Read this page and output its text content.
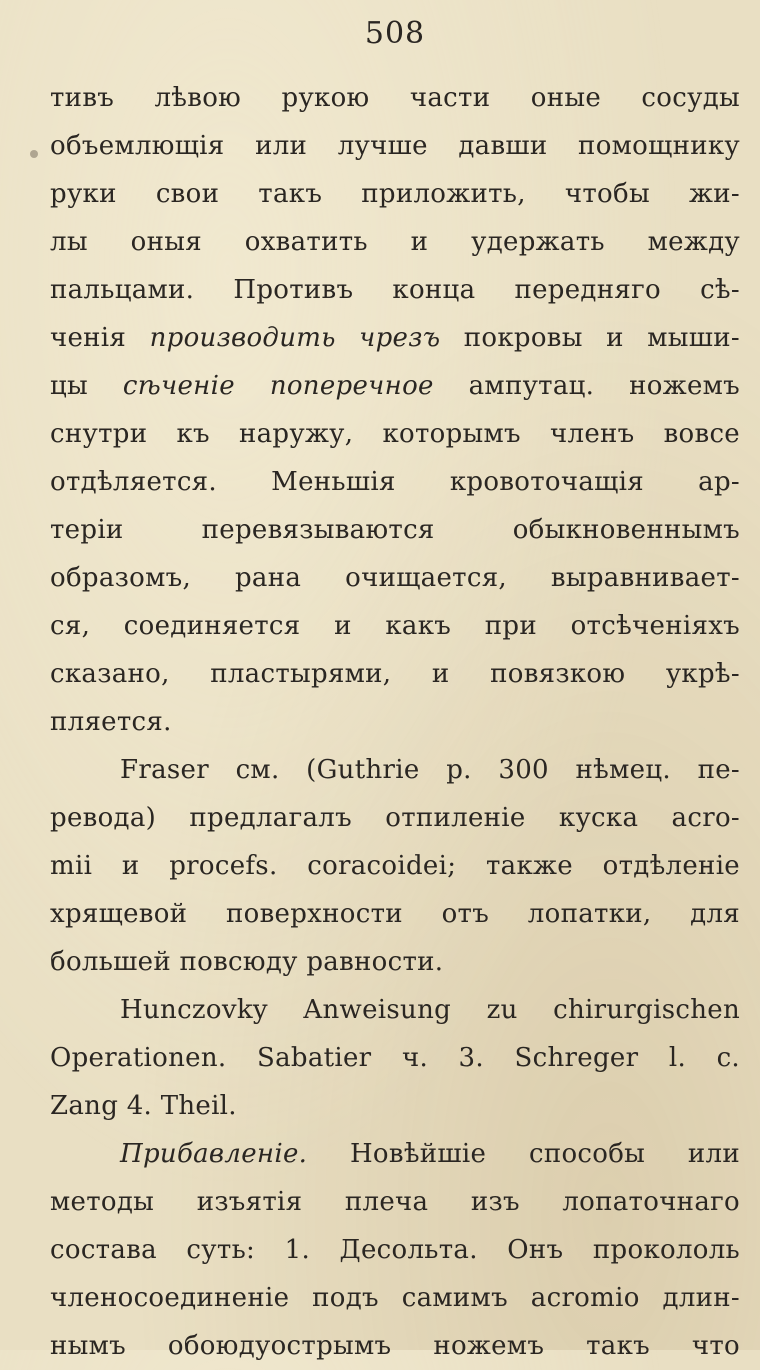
508
тивъ лѣвою рукою части оные сосуды
объемлющія или лучше давши помощнику
руки свои такъ приложить, чтобы жи-
лы оныя охватить и удержать между
пальцами. Противъ конца передняго сѣ-
ченія производить чрезъ покровы и мыши-
цы сѣченіе поперечное ампутац. ножемъ
снутри къ наружу, которымъ членъ вовсе
отдѣляется. Меньшія кровоточащія ар-
теріи перевязываются обыкновеннымъ
образомъ, рана очищается, выравнивает-
ся, соединяется и какъ при отсѣченіяхъ
сказано, пластырями, и повязкою укрѣ-
пляется.
Fraser см. (Guthrie p. 300 нѣмец. пе-
ревода) предлагалъ отпиленіе куска acro-
mii и procefs. coracoidei; также отдѣленіе
хрящевой поверхности отъ лопатки, для
большей повсюду равности.
Hunczovky Anweisung zu chirurgischen
Operationen. Sabatier ч. 3. Schreger l. c.
Zang 4. Theil.
Прибавленіе. Новѣйшіе способы или
методы изъятія плеча изъ лопаточнаго
состава суть: 1. Десольта. Онъ прокололь
членосоединеніе подъ самимъ acromio длин-
нымъ обоюдуострымъ ножемъ такъ что
